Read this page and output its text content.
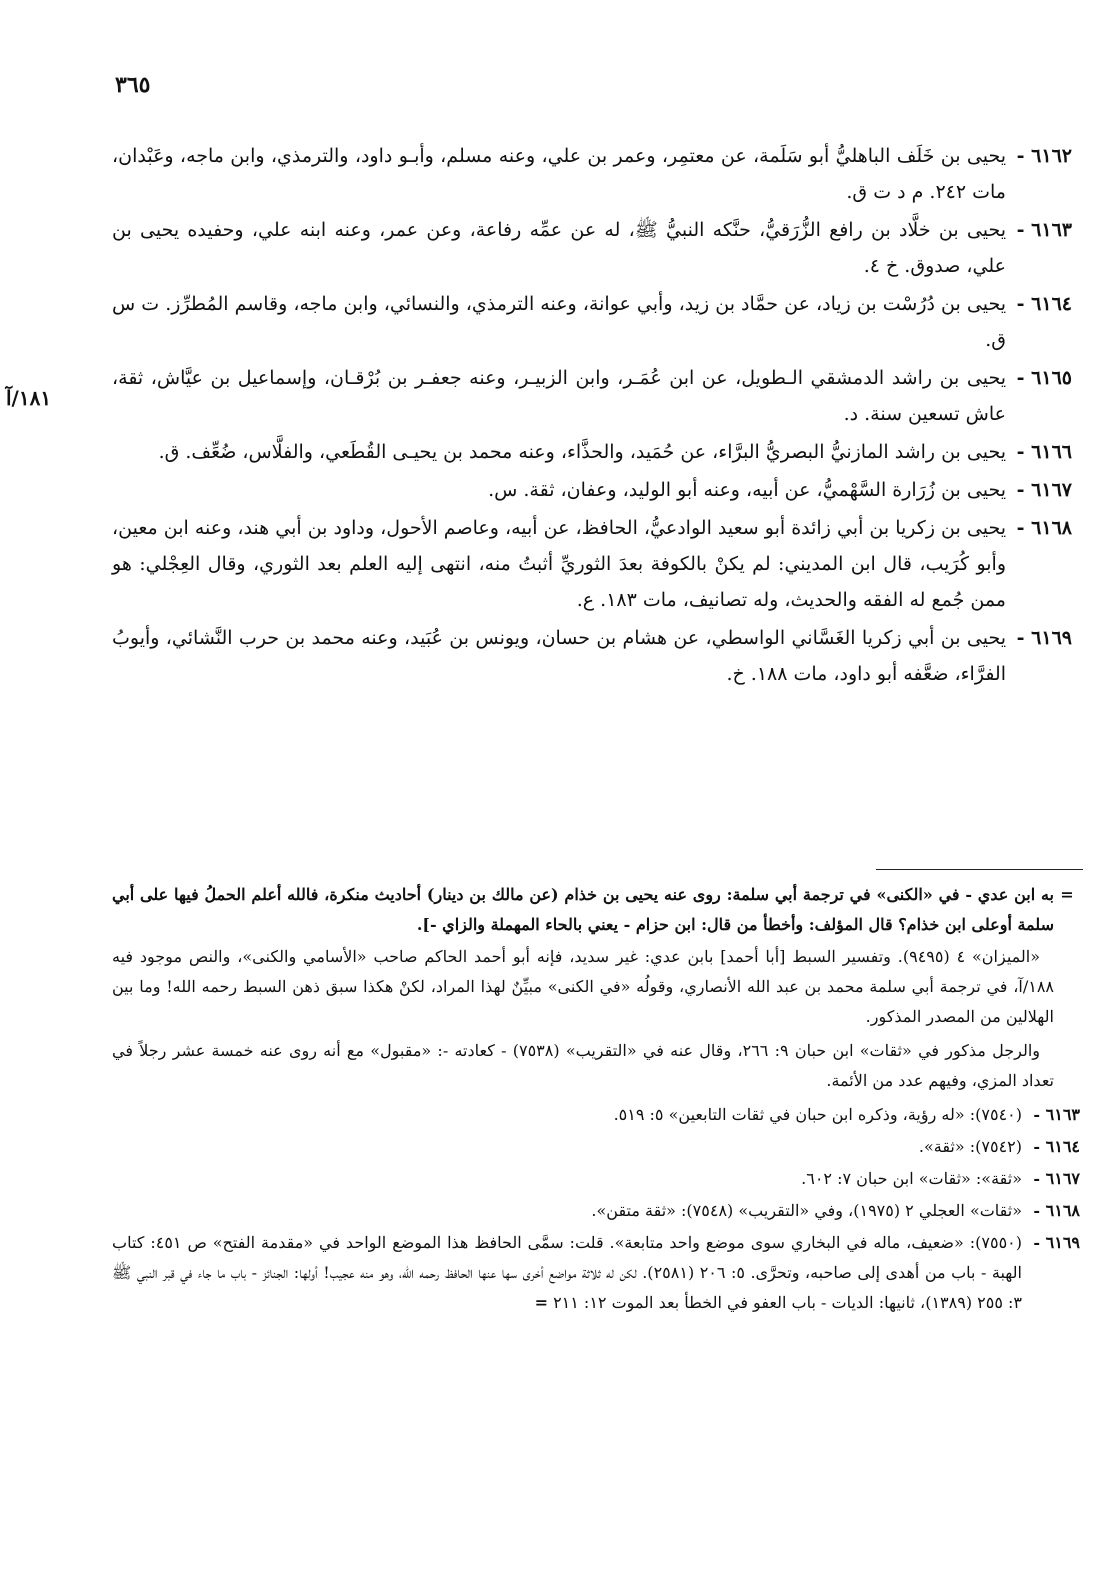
٣٦٥
١٨١/آ
٦١٦٢ -
يحيى بن خَلَف الباهليُّ أبو سَلَمة، عن معتمِر، وعمر بن علي، وعنه مسلم، وأبـو داود، والترمذي، وابن ماجه، وعَبْدان، مات ٢٤٢. م د ت ق.
٦١٦٣ -
يحيى بن خلَّاد بن رافع الزُّرَقيُّ، حنَّكه النبيُّ ﷺ، له عن عمِّه رفاعة، وعن عمر، وعنه ابنه علي، وحفيده يحيى بن علي، صدوق. خ ٤.
٦١٦٤ -
يحيى بن دُرُسْت بن زياد، عن حمَّاد بن زيد، وأبي عوانة، وعنه الترمذي، والنسائي، وابن ماجه، وقاسم المُطرِّز. ت س ق.
٦١٦٥ -
يحيى بن راشد الدمشقي الـطويل، عن ابن عُمَـر، وابن الزبيـر، وعنه جعفـر بن بُرْقـان، وإسماعيل بن عيَّاش، ثقة، عاش تسعين سنة. د.
٦١٦٦ -
يحيى بن راشد المازنيُّ البصريُّ البرَّاء، عن حُمَيد، والحذَّاء، وعنه محمد بن يحيـى القُطَعي، والفلَّاس، ضُعِّف. ق.
٦١٦٧ -
يحيى بن زُرَارة السَّهْميُّ، عن أبيه، وعنه أبو الوليد، وعفان، ثقة. س.
٦١٦٨ -
يحيى بن زكريا بن أبي زائدة أبو سعيد الوادعيُّ، الحافظ، عن أبيه، وعاصم الأحول، وداود بن أبي هند، وعنه ابن معين، وأبو كُرَيب، قال ابن المديني: لم يكنْ بالكوفة بعدَ الثوريِّ أثبتُ منه، انتهى إليه العلم بعد الثوري، وقال العِجْلي: هو ممن جُمع له الفقه والحديث، وله تصانيف، مات ١٨٣. ع.
٦١٦٩ -
يحيى بن أبي زكريا الغَسَّاني الواسطي، عن هشام بن حسان، ويونس بن عُبَيد، وعنه محمد بن حرب النَّشائي، وأيوبُ الفرَّاء، ضعَّفه أبو داود، مات ١٨٨. خ.
=
به ابن عدي - في «الكنى» في ترجمة أبي سلمة: روى عنه يحيى بن خذام (عن مالك بن دينار) أحاديث منكرة، فالله أعلم الحملُ فيها على أبي سلمة أوعلى ابن خذام؟ قال المؤلف: وأخطأ من قال: ابن حزام - يعني بالحاء المهملة والزاي -].

«الميزان» ٤ (٩٤٩٥). وتفسير السبط [أبا أحمد] بابن عدي: غير سديد، فإنه أبو أحمد الحاكم صاحب «الأسامي والكنى»، والنص موجود فيه ١٨٨/آ، في ترجمة أبي سلمة محمد بن عبد الله الأنصاري، وقولُه «في الكنى» مبيِّنٌ لهذا المراد، لكنْ هكذا سبق ذهن السبط رحمه الله! وما بين الهلالين من المصدر المذكور.

والرجل مذكور في «ثقات» ابن حبان ٩: ٢٦٦، وقال عنه في «التقريب» (٧٥٣٨) - كعادته -: «مقبول» مع أنه روى عنه خمسة عشر رجلاً في تعداد المزي، وفيهم عدد من الأئمة.

٦١٦٣ -
(٧٥٤٠): «له رؤية، وذكره ابن حبان في ثقات التابعين» ٥: ٥١٩.
٦١٦٤ -
(٧٥٤٢): «ثقة».
٦١٦٧ -
«ثقة»: «ثقات» ابن حبان ٧: ٦٠٢.
٦١٦٨ -
«ثقات» العجلي ٢ (١٩٧٥)، وفي «التقريب» (٧٥٤٨): «ثقة متقن».
٦١٦٩ -
(٧٥٥٠): «ضعيف، ماله في البخاري سوى موضع واحد متابعة». قلت: سمَّى الحافظ هذا الموضع الواحد في «مقدمة الفتح» ص ٤٥١: كتاب الهبة - باب من أهدى إلى صاحبه، وتحرَّى. ٥: ٢٠٦ (٢٥٨١). لكن له ثلاثة مواضع أخرى سها عنها الحافظ رحمه الله، وهو منه عجيب! أولها: الجنائز - باب ما جاء في قبر النبي ﷺ ٣: ٢٥٥ (١٣٨٩)، ثانيها: الديات - باب العفو في الخطأ بعد الموت ١٢: ٢١١ =
